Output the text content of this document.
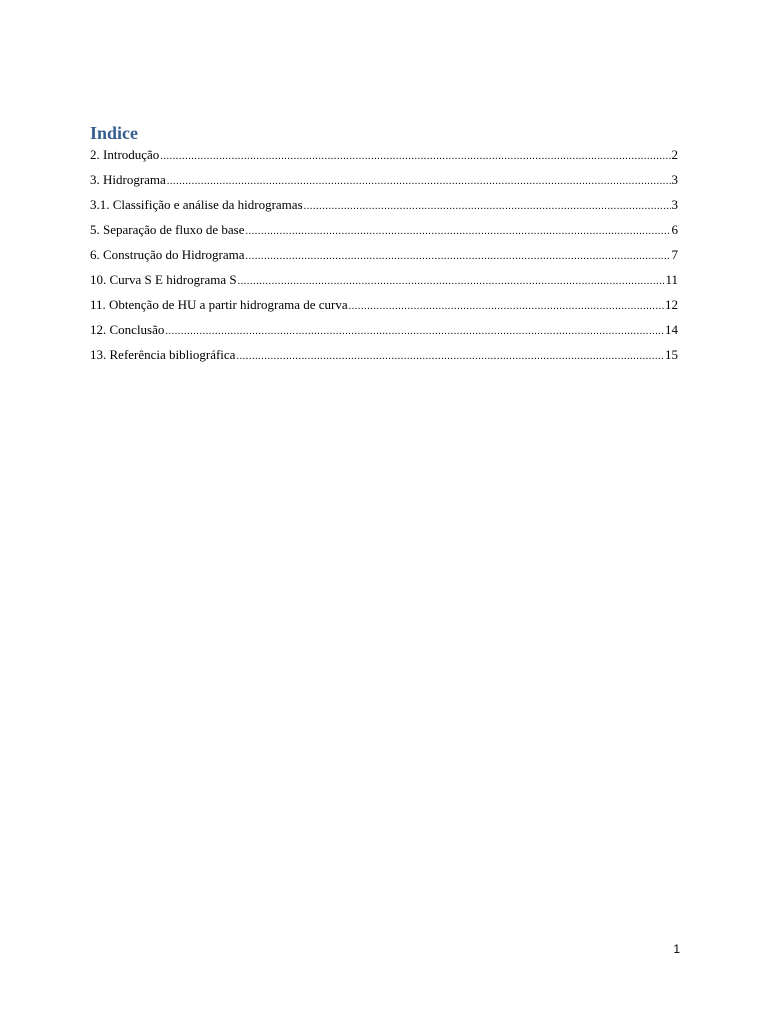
Indice
2. Introdução .....	2
3. Hidrograma .....	3
3.1. Classifição e análise da hidrogramas .....	3
5. Separação de fluxo de base .....	6
6. Construção do Hidrograma .....	7
10. Curva S E hidrograma S .....	11
11. Obtenção de HU a partir hidrograma de curva .....	12
12. Conclusão .....	14
13. Referência bibliográfica .....	15
1
